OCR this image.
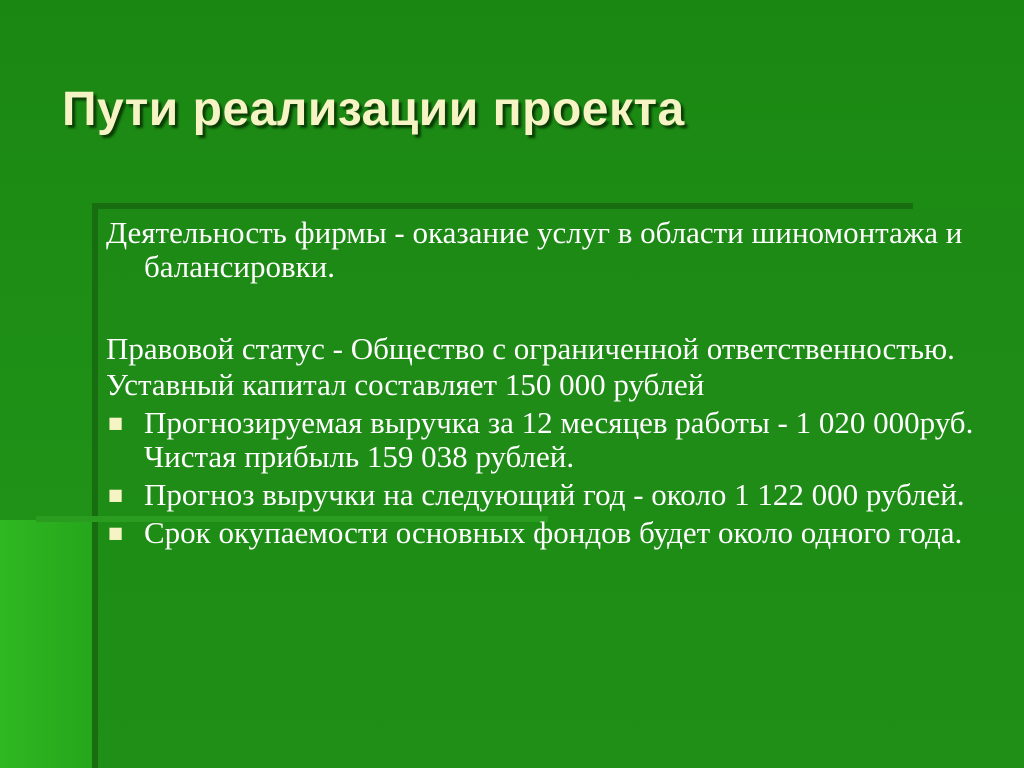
Пути реализации проекта

Деятельность фирмы - оказание услуг в области шиномонтажа и балансировки.

Правовой статус - Общество с ограниченной ответственностью.

Уставный капитал составляет 150 000 рублей

■ Прогнозируемая выручка за 12 месяцев работы - 1 020 000руб. Чистая прибыль 159 038 рублей.
■ Прогноз выручки на следующий год - около 1 122 000 рублей.
■ Срок окупаемости основных фондов будет около одного года.
